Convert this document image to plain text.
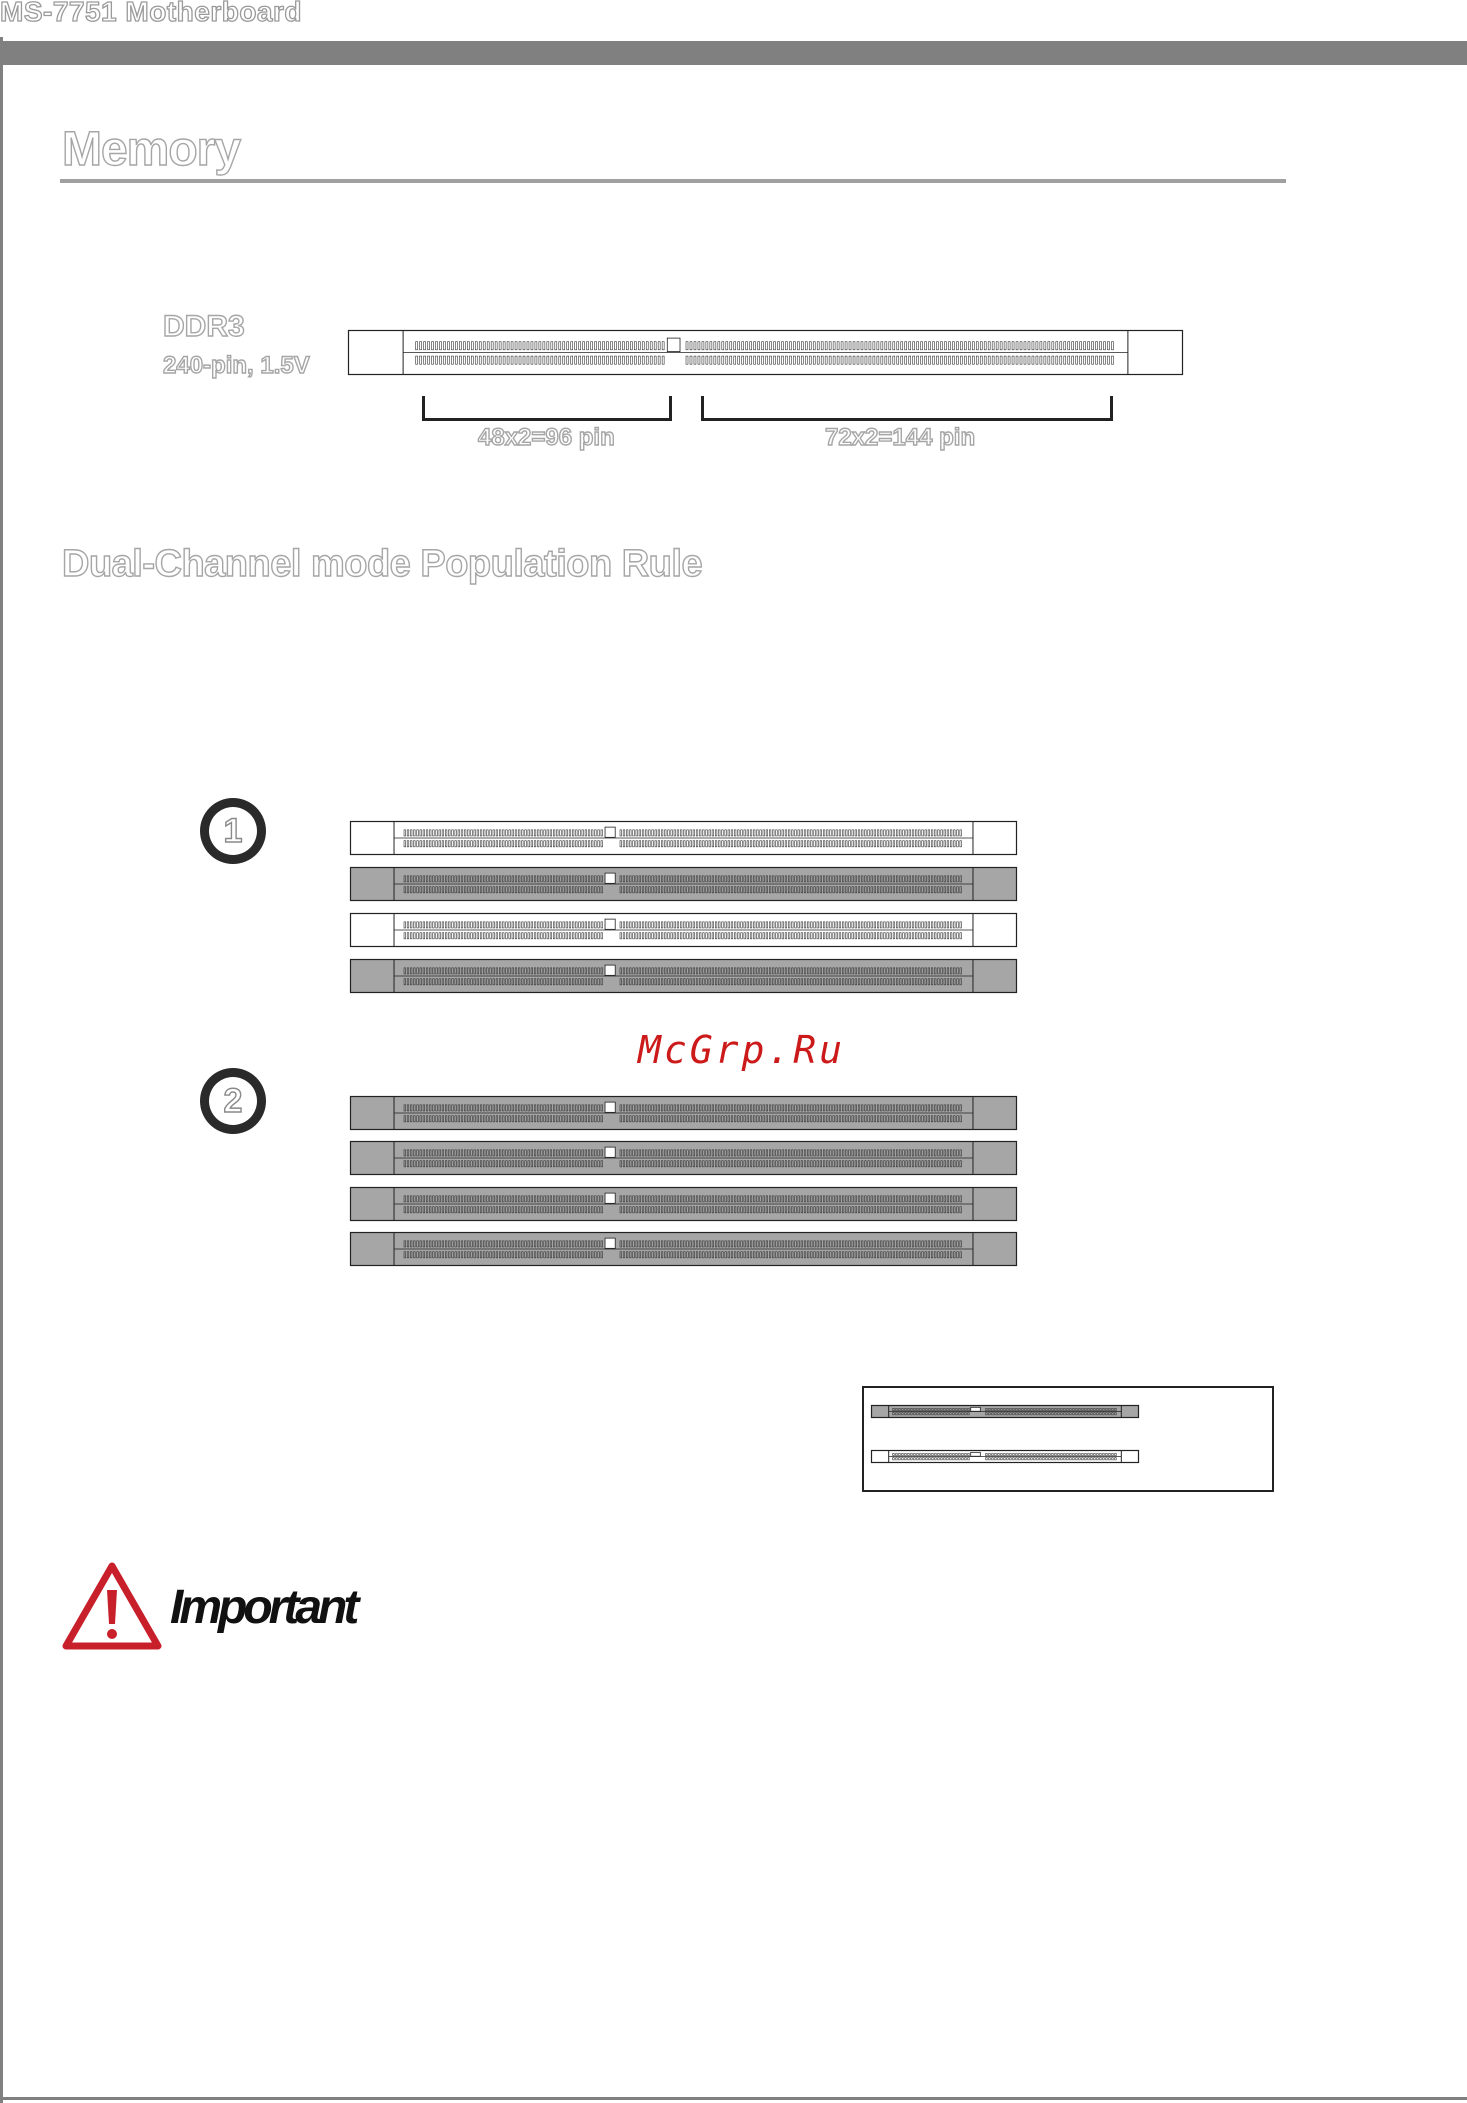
MS-7751 Motherboard
Memory
DDR3
240-pin, 1.5V
48x2=96 pin	72x2=144 pin
Dual-Channel mode Population Rule
1
McGrp.Ru
2
Important
